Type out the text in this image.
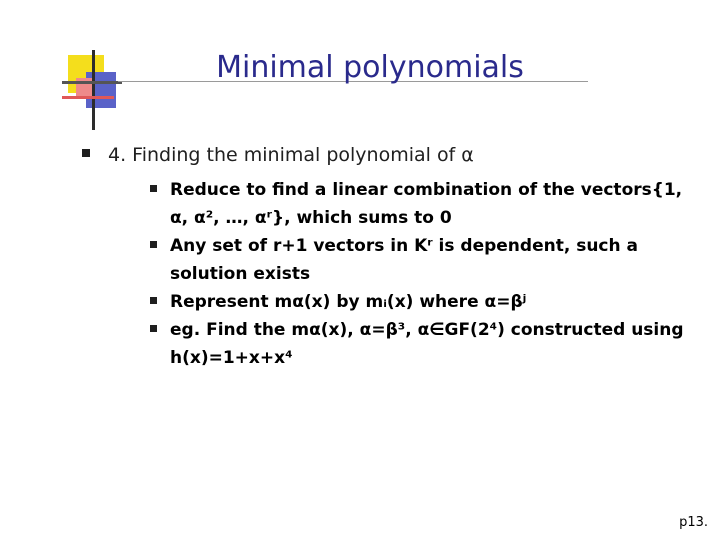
Minimal polynomials
4. Finding the minimal polynomial of α
Reduce to find a linear combination of the vectors{1,
α, α², …, αʳ}, which sums to 0
Any set of r+1 vectors in Kʳ is dependent, such a
solution exists
Represent mα(x) by mᵢ(x) where α=βʲ
eg. Find the mα(x), α=β³, α∈GF(2⁴) constructed using
h(x)=1+x+x⁴
p13.
